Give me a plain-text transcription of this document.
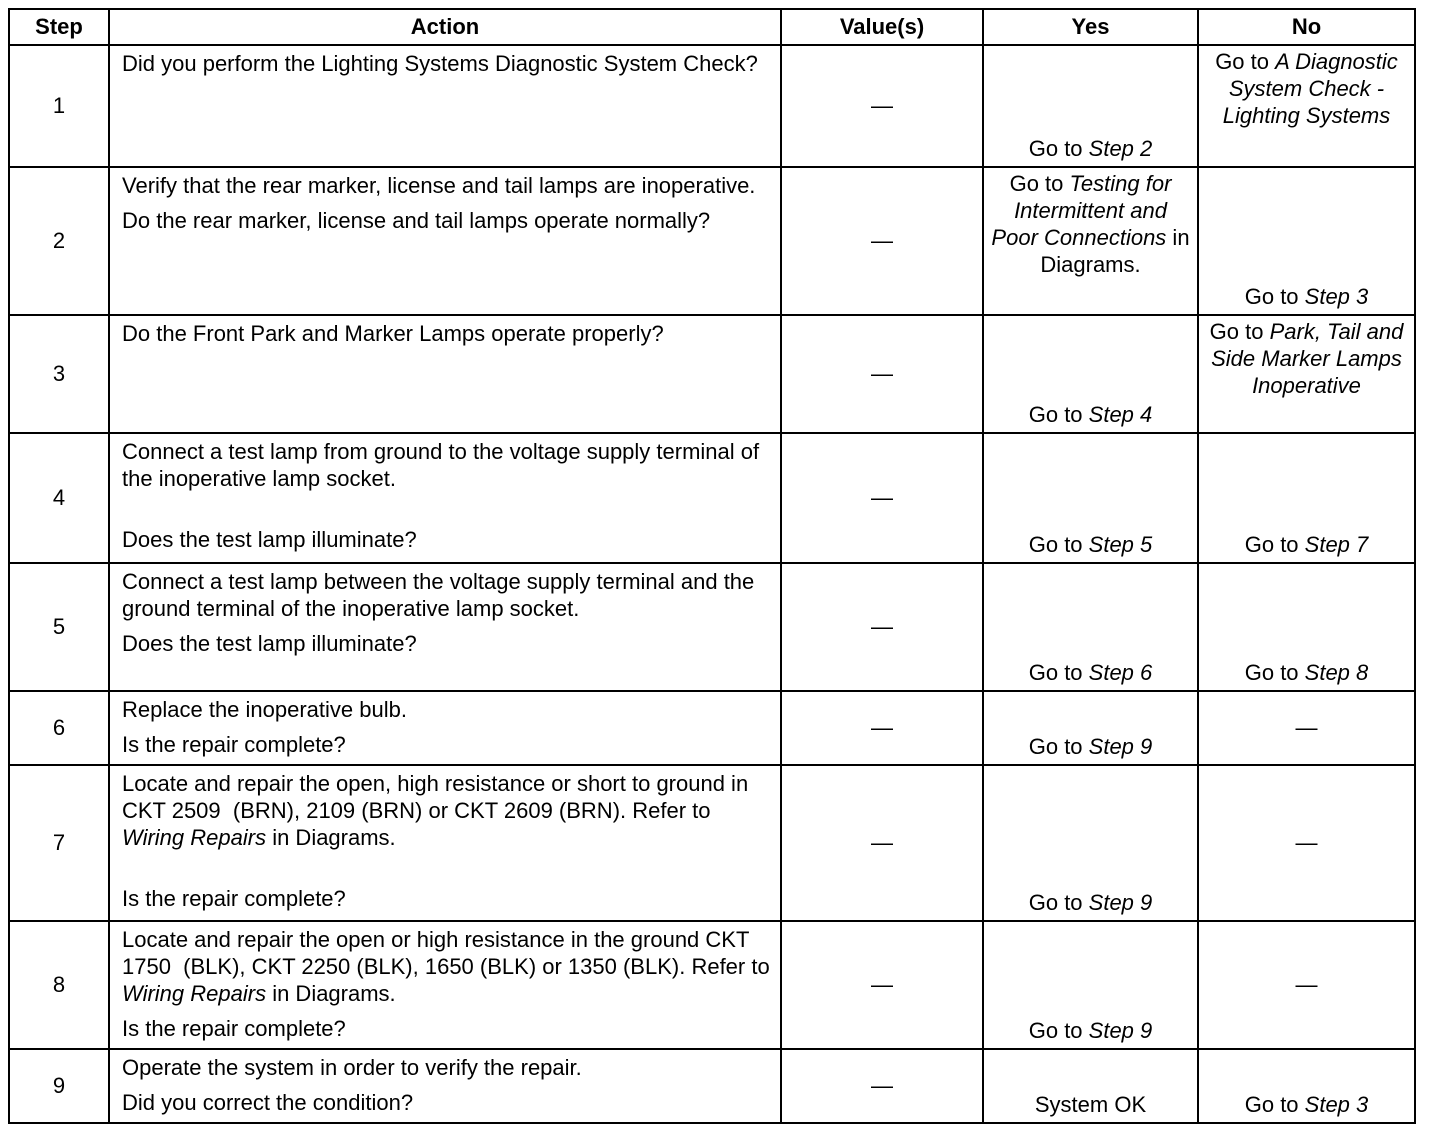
Step	Action	Value(s)	Yes	No
1	Did you perform the Lighting Systems Diagnostic System Check?	—	Go to Step 2	Go to A Diagnostic System Check - Lighting Systems
2	Verify that the rear marker, license and tail lamps are inoperative.
Do the rear marker, license and tail lamps operate normally?	—	Go to Testing for Intermittent and Poor Connections in Diagrams.	Go to Step 3
3	Do the Front Park and Marker Lamps operate properly?	—	Go to Step 4	Go to Park, Tail and Side Marker Lamps Inoperative
4	Connect a test lamp from ground to the voltage supply terminal of the inoperative lamp socket.
Does the test lamp illuminate?	—	Go to Step 5	Go to Step 7
5	Connect a test lamp between the voltage supply terminal and the ground terminal of the inoperative lamp socket.
Does the test lamp illuminate?	—	Go to Step 6	Go to Step 8
6	Replace the inoperative bulb.
Is the repair complete?	—	Go to Step 9	—
7	Locate and repair the open, high resistance or short to ground in CKT 2509  (BRN), 2109 (BRN) or CKT 2609 (BRN). Refer to Wiring Repairs in Diagrams.
Is the repair complete?	—	Go to Step 9	—
8	Locate and repair the open or high resistance in the ground CKT 1750  (BLK), CKT 2250 (BLK), 1650 (BLK) or 1350 (BLK). Refer to Wiring Repairs in Diagrams.
Is the repair complete?	—	Go to Step 9	—
9	Operate the system in order to verify the repair.
Did you correct the condition?	—	System OK	Go to Step 3
